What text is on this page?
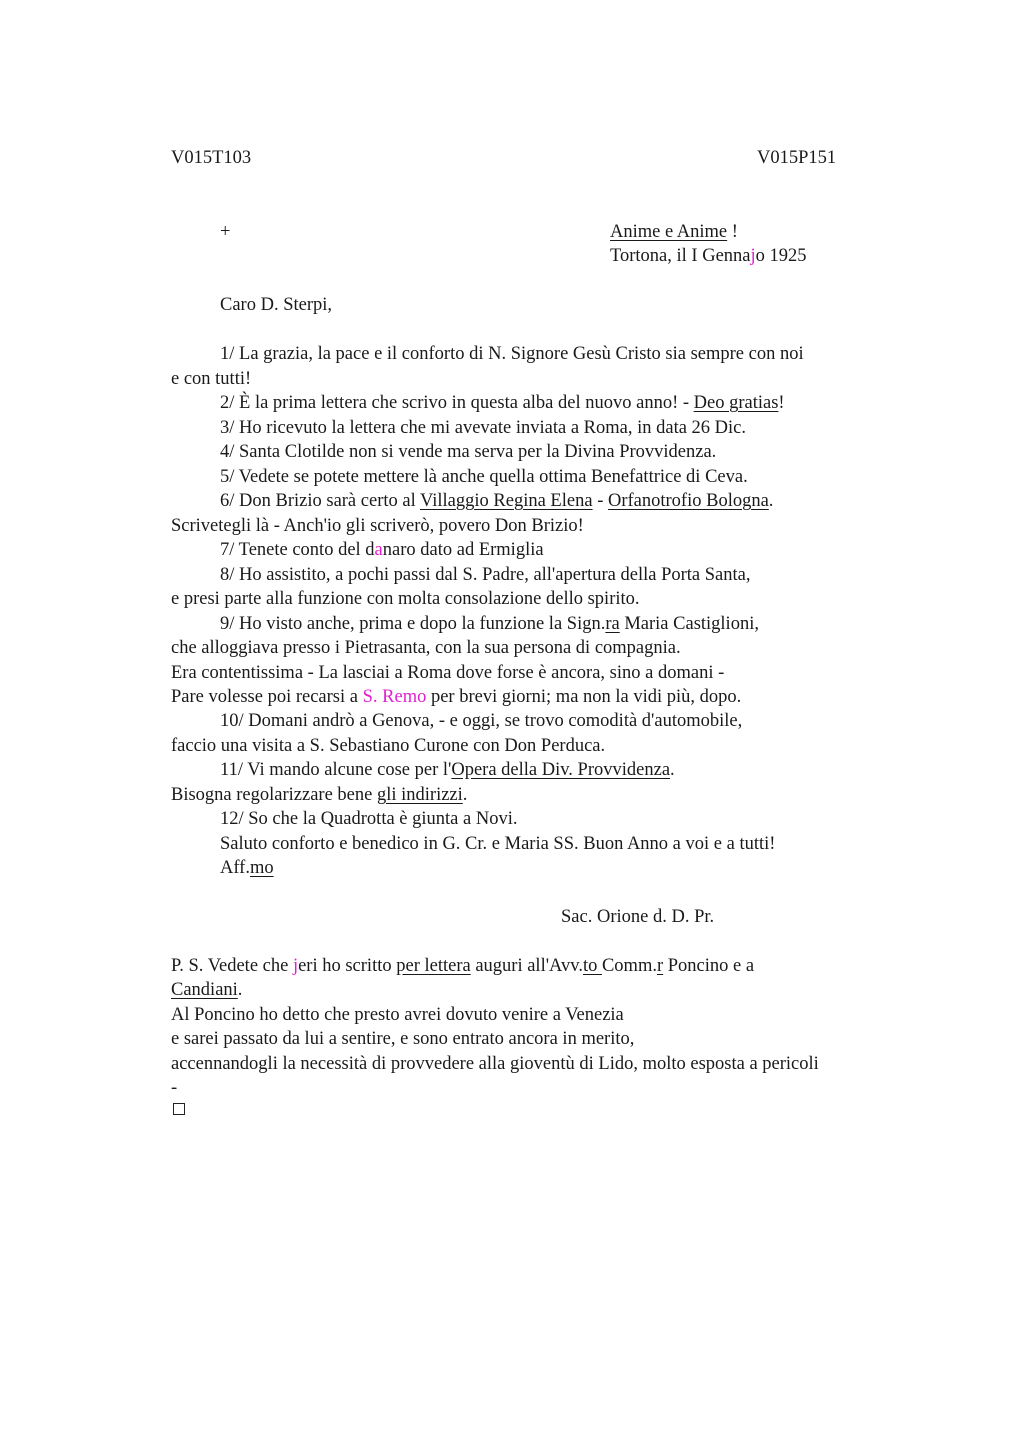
V015T103	V015P151
+	Anime e Anime !
Tortona, il I Gennajo 1925
Caro D. Sterpi,
1/ La grazia, la pace e il conforto di N. Signore Gesù Cristo sia sempre con noi
e con tutti!
2/ È la prima lettera che scrivo in questa alba del nuovo anno! - Deo gratias!
3/ Ho ricevuto la lettera che mi avevate inviata a Roma, in data 26 Dic.
4/ Santa Clotilde non si vende ma serva per la Divina Provvidenza.
5/ Vedete se potete mettere là anche quella ottima Benefattrice di Ceva.
6/ Don Brizio sarà certo al Villaggio Regina Elena - Orfanotrofio Bologna.
Scrivetegli là - Anch'io gli scriverò, povero Don Brizio!
7/ Tenete conto del danaro dato ad Ermiglia
8/ Ho assistito, a pochi passi dal S. Padre, all'apertura della Porta Santa,
e presi parte alla funzione con molta consolazione dello spirito.
9/ Ho visto anche, prima e dopo la funzione la Sign.ra Maria Castiglioni,
che alloggiava presso i Pietrasanta, con la sua persona di compagnia.
Era contentissima - La lasciai a Roma dove forse è ancora, sino a domani -
Pare volesse poi recarsi a S. Remo per brevi giorni; ma non la vidi più, dopo.
10/ Domani andrò a Genova, - e oggi, se trovo comodità d'automobile,
faccio una visita a S. Sebastiano Curone con Don Perduca.
11/ Vi mando alcune cose per l'Opera della Div. Provvidenza.
Bisogna regolarizzare bene gli indirizzi.
12/ So che la Quadrotta è giunta a Novi.
Saluto conforto e benedico in G. Cr. e Maria SS. Buon Anno a voi e a tutti!
Aff.mo
Sac. Orione d. D. Pr.
P. S. Vedete che jeri ho scritto per lettera auguri all'Avv.to Comm.r Poncino e a
Candiani.
Al Poncino ho detto che presto avrei dovuto venire a Venezia
e sarei passato da lui a sentire, e sono entrato ancora in merito,
accennandogli la necessità di provvedere alla gioventù di Lido, molto esposta a pericoli
-
